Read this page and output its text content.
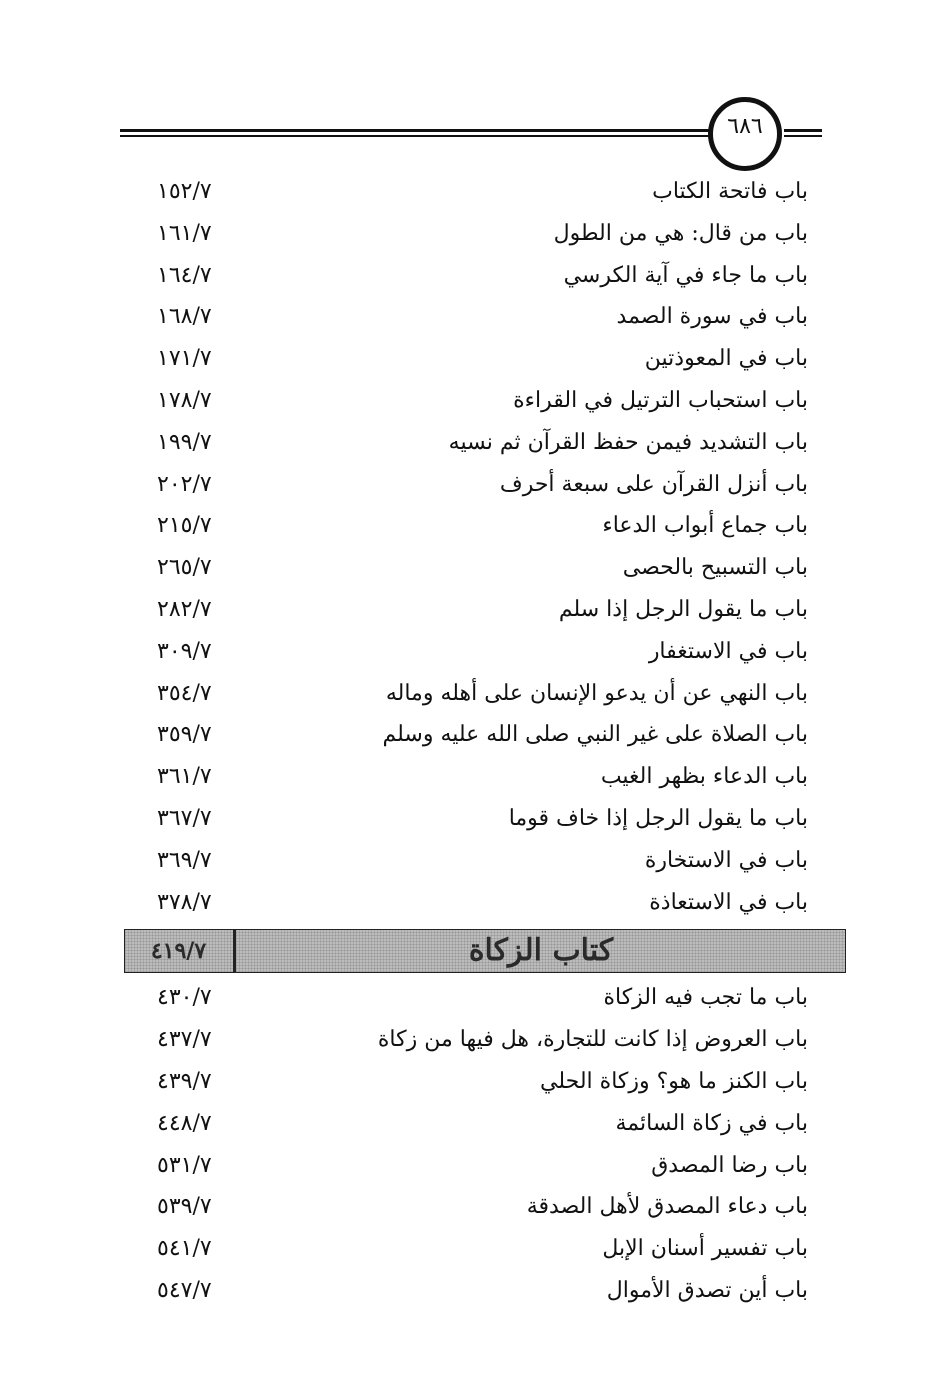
٦٨٦
باب فاتحة الكتاب
١٥٢/٧
باب من قال: هي من الطول
١٦١/٧
باب ما جاء في آية الكرسي
١٦٤/٧
باب في سورة الصمد
١٦٨/٧
باب في المعوذتين
١٧١/٧
باب استحباب الترتيل في القراءة
١٧٨/٧
باب التشديد فيمن حفظ القرآن ثم نسيه
١٩٩/٧
باب أنزل القرآن على سبعة أحرف
٢٠٢/٧
باب جماع أبواب الدعاء
٢١٥/٧
باب التسبيح بالحصى
٢٦٥/٧
باب ما يقول الرجل إذا سلم
٢٨٢/٧
باب في الاستغفار
٣٠٩/٧
باب النهي عن أن يدعو الإنسان على أهله وماله
٣٥٤/٧
باب الصلاة على غير النبي صلى الله عليه وسلم
٣٥٩/٧
باب الدعاء بظهر الغيب
٣٦١/٧
باب ما يقول الرجل إذا خاف قوما
٣٦٧/٧
باب في الاستخارة
٣٦٩/٧
باب في الاستعاذة
٣٧٨/٧
كتاب الزكاة
٤١٩/٧
باب ما تجب فيه الزكاة
٤٣٠/٧
باب العروض إذا كانت للتجارة، هل فيها من زكاة
٤٣٧/٧
باب الكنز ما هو؟ وزكاة الحلي
٤٣٩/٧
باب في زكاة السائمة
٤٤٨/٧
باب رضا المصدق
٥٣١/٧
باب دعاء المصدق لأهل الصدقة
٥٣٩/٧
باب تفسير أسنان الإبل
٥٤١/٧
باب أين تصدق الأموال
٥٤٧/٧
